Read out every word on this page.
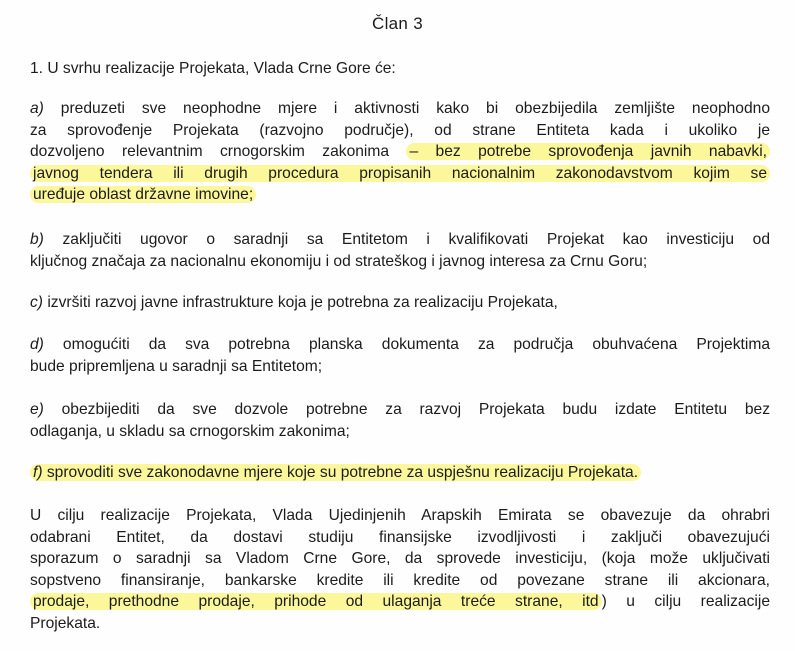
Član 3
1. U svrhu realizacije Projekata, Vlada Crne Gore će:
a) preduzeti sve neophodne mjere i aktivnosti kako bi obezbijedila zemljište neophodno
za sprovođenje Projekata (razvojno područje), od strane Entiteta kada i ukoliko je
dozvoljeno relevantnim crnogorskim zakonima – bez potrebe sprovođenja javnih nabavki,
javnog tendera ili drugih procedura propisanih nacionalnim zakonodavstvom kojim se
uređuje oblast državne imovine;
b) zaključiti ugovor o saradnji sa Entitetom i kvalifikovati Projekat kao investiciju od
ključnog značaja za nacionalnu ekonomiju i od strateškog i javnog interesa za Crnu Goru;
c) izvršiti razvoj javne infrastrukture koja je potrebna za realizaciju Projekata,
d) omogućiti da sva potrebna planska dokumenta za područja obuhvaćena Projektima
bude pripremljena u saradnji sa Entitetom;
e) obezbijediti da sve dozvole potrebne za razvoj Projekata budu izdate Entitetu bez
odlaganja, u skladu sa crnogorskim zakonima;
f) sprovoditi sve zakonodavne mjere koje su potrebne za uspješnu realizaciju Projekata.
U cilju realizacije Projekata, Vlada Ujedinjenih Arapskih Emirata se obavezuje da ohrabri
odabrani Entitet, da dostavi studiju finansijske izvodljivosti i zaključi obavezujući
sporazum o saradnji sa Vladom Crne Gore, da sprovede investiciju, (koja može uključivati
sopstveno finansiranje, bankarske kredite ili kredite od povezane strane ili akcionara,
prodaje, prethodne prodaje, prihode od ulaganja treće strane, itd ) u cilju realizacije
Projekata.
